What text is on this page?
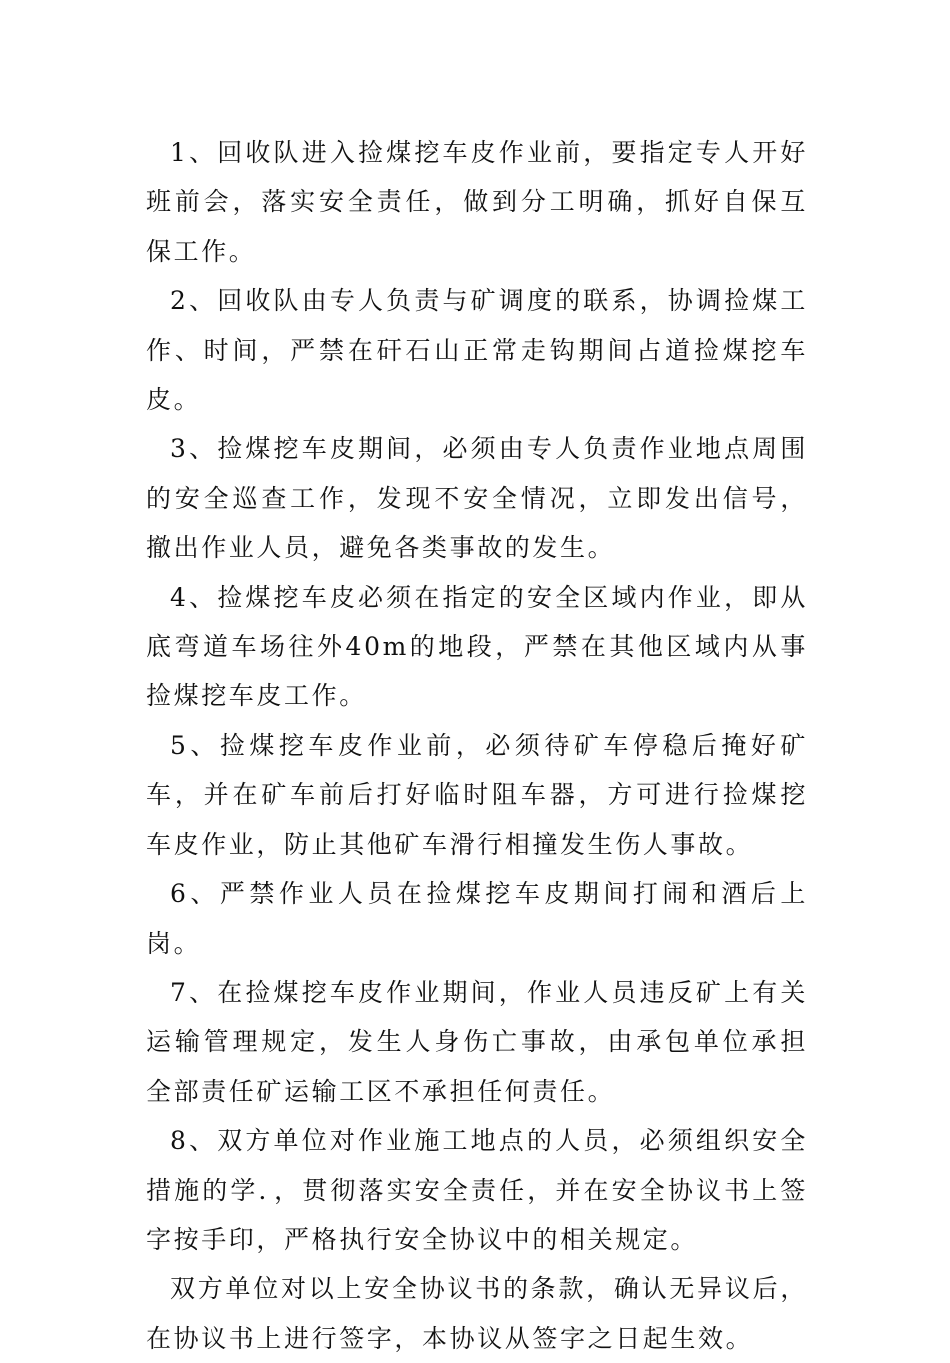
1、回收队进入捡煤挖车皮作业前，要指定专人开好班前会，落实安全责任，做到分工明确，抓好自保互保工作。

2、回收队由专人负责与矿调度的联系，协调捡煤工作、时间，严禁在矸石山正常走钩期间占道捡煤挖车皮。

3、捡煤挖车皮期间，必须由专人负责作业地点周围的安全巡查工作，发现不安全情况，立即发出信号，撤出作业人员，避免各类事故的发生。

4、捡煤挖车皮必须在指定的安全区域内作业，即从底弯道车场往外40m的地段，严禁在其他区域内从事捡煤挖车皮工作。

5、捡煤挖车皮作业前，必须待矿车停稳后掩好矿车，并在矿车前后打好临时阻车器，方可进行捡煤挖车皮作业，防止其他矿车滑行相撞发生伤人事故。

6、严禁作业人员在捡煤挖车皮期间打闹和酒后上岗。

7、在捡煤挖车皮作业期间，作业人员违反矿上有关运输管理规定，发生人身伤亡事故，由承包单位承担全部责任矿运输工区不承担任何责任。

8、双方单位对作业施工地点的人员，必须组织安全措施的学．，贯彻落实安全责任，并在安全协议书上签字按手印，严格执行安全协议中的相关规定。

双方单位对以上安全协议书的条款，确认无异议后，在协议书上进行签字，本协议从签字之日起生效。
